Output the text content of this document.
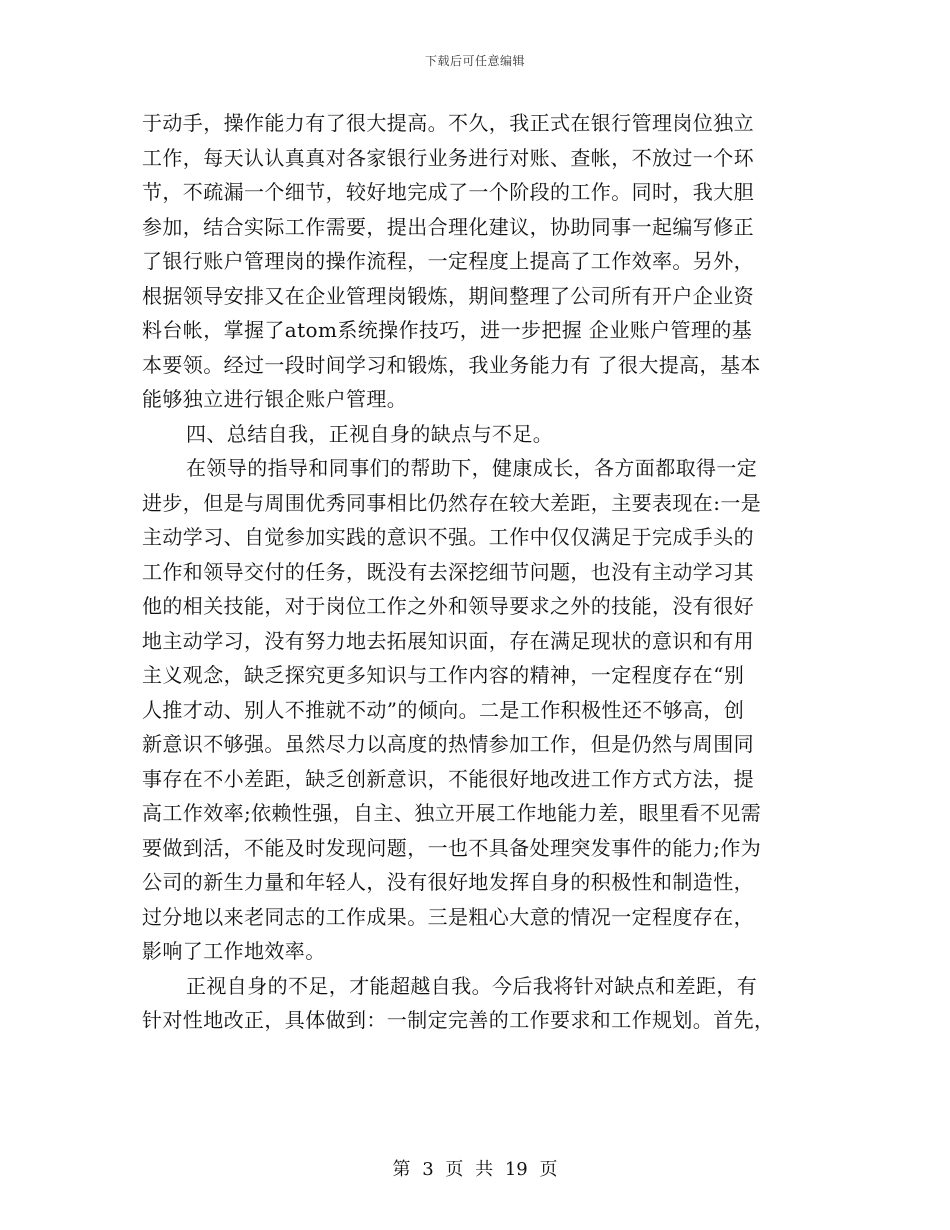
下载后可任意编辑
于动手，操作能力有了很大提高。不久，我正式在银行管理岗位独立
工作，每天认认真真对各家银行业务进行对账、查帐，不放过一个环
节，不疏漏一个细节，较好地完成了一个阶段的工作。同时，我大胆
参加，结合实际工作需要，提出合理化建议，协助同事一起编写修正
了银行账户管理岗的操作流程，一定程度上提高了工作效率。另外，
根据领导安排又在企业管理岗锻炼，期间整理了公司所有开户企业资
料台帐，掌握了atom系统操作技巧，进一步把握 企业账户管理的基
本要领。经过一段时间学习和锻炼，我业务能力有 了很大提高，基本
能够独立进行银企账户管理。
四、总结自我，正视自身的缺点与不足。
在领导的指导和同事们的帮助下，健康成长，各方面都取得一定
进步，但是与周围优秀同事相比仍然存在较大差距，主要表现在:一是
主动学习、自觉参加实践的意识不强。工作中仅仅满足于完成手头的
工作和领导交付的任务，既没有去深挖细节问题，也没有主动学习其
他的相关技能，对于岗位工作之外和领导要求之外的技能，没有很好
地主动学习，没有努力地去拓展知识面，存在满足现状的意识和有用
主义观念，缺乏探究更多知识与工作内容的精神，一定程度存在“别
人推才动、别人不推就不动”的倾向。二是工作积极性还不够高，创
新意识不够强。虽然尽力以高度的热情参加工作，但是仍然与周围同
事存在不小差距，缺乏创新意识，不能很好地改进工作方式方法，提
高工作效率;依赖性强，自主、独立开展工作地能力差，眼里看不见需
要做到活，不能及时发现问题，一也不具备处理突发事件的能力;作为
公司的新生力量和年轻人，没有很好地发挥自身的积极性和制造性，
过分地以来老同志的工作成果。三是粗心大意的情况一定程度存在，
影响了工作地效率。
正视自身的不足，才能超越自我。今后我将针对缺点和差距，有
针对性地改正，具体做到：一制定完善的工作要求和工作规划。首先，
第 3 页 共 19 页
